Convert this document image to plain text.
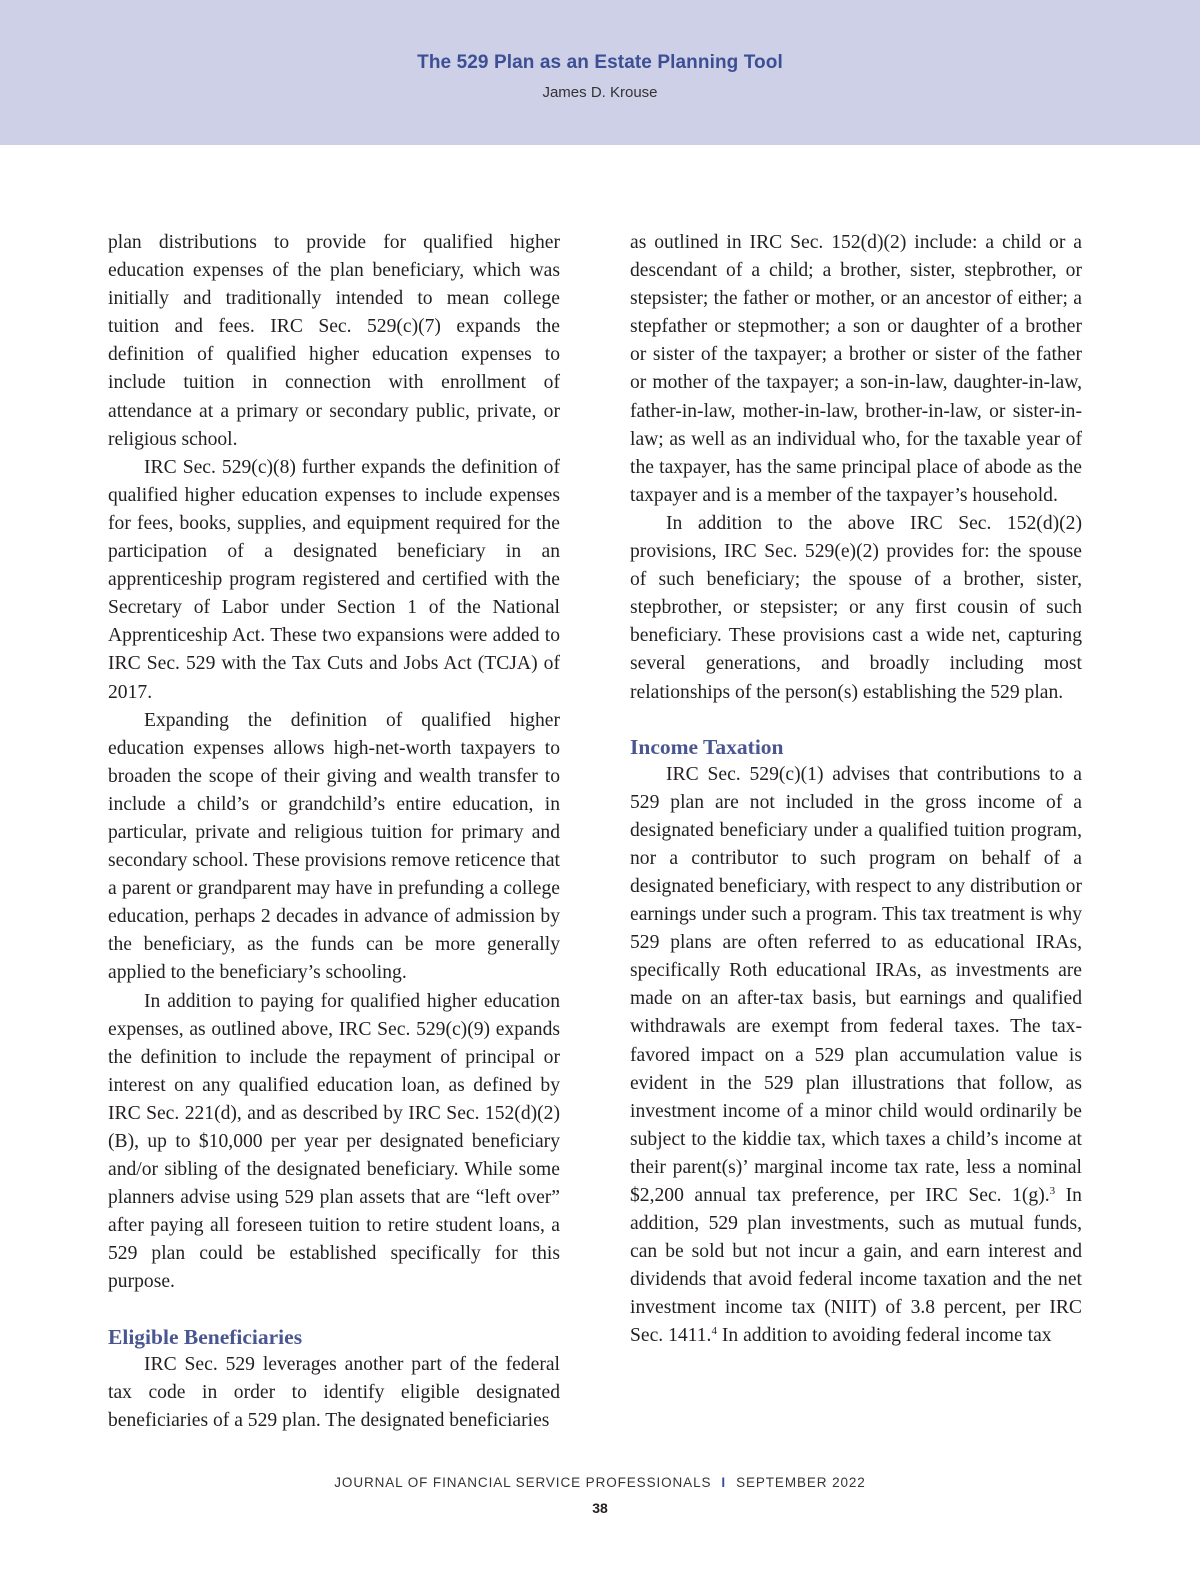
The 529 Plan as an Estate Planning Tool
James D. Krouse

plan distributions to provide for qualified higher education expenses of the plan beneficiary, which was initially and traditionally intended to mean college tuition and fees. IRC Sec. 529(c)(7) expands the definition of qualified higher education expenses to include tuition in connection with enrollment of attendance at a primary or secondary public, private, or religious school.

IRC Sec. 529(c)(8) further expands the definition of qualified higher education expenses to include expenses for fees, books, supplies, and equipment required for the participation of a designated beneficiary in an apprenticeship program registered and certified with the Secretary of Labor under Section 1 of the National Apprenticeship Act. These two expansions were added to IRC Sec. 529 with the Tax Cuts and Jobs Act (TCJA) of 2017.

Expanding the definition of qualified higher education expenses allows high-net-worth taxpayers to broaden the scope of their giving and wealth transfer to include a child’s or grandchild’s entire education, in particular, private and religious tuition for primary and secondary school. These provisions remove reticence that a parent or grandparent may have in prefunding a college education, perhaps 2 decades in advance of admission by the beneficiary, as the funds can be more generally applied to the beneficiary’s schooling.

In addition to paying for qualified higher education expenses, as outlined above, IRC Sec. 529(c)(9) expands the definition to include the repayment of principal or interest on any qualified education loan, as defined by IRC Sec. 221(d), and as described by IRC Sec. 152(d)(2)(B), up to $10,000 per year per designated beneficiary and/or sibling of the designated beneficiary. While some planners advise using 529 plan assets that are “left over” after paying all foreseen tuition to retire student loans, a 529 plan could be established specifically for this purpose.

Eligible Beneficiaries

IRC Sec. 529 leverages another part of the federal tax code in order to identify eligible designated beneficiaries of a 529 plan. The designated beneficiaries

as outlined in IRC Sec. 152(d)(2) include: a child or a descendant of a child; a brother, sister, stepbrother, or stepsister; the father or mother, or an ancestor of either; a stepfather or stepmother; a son or daughter of a brother or sister of the taxpayer; a brother or sister of the father or mother of the taxpayer; a son-in-law, daughter-in-law, father-in-law, mother-in-law, brother-in-law, or sister-in-law; as well as an individual who, for the taxable year of the taxpayer, has the same principal place of abode as the taxpayer and is a member of the taxpayer’s household.

In addition to the above IRC Sec. 152(d)(2) provisions, IRC Sec. 529(e)(2) provides for: the spouse of such beneficiary; the spouse of a brother, sister, stepbrother, or stepsister; or any first cousin of such beneficiary. These provisions cast a wide net, capturing several generations, and broadly including most relationships of the person(s) establishing the 529 plan.

Income Taxation

IRC Sec. 529(c)(1) advises that contributions to a 529 plan are not included in the gross income of a designated beneficiary under a qualified tuition program, nor a contributor to such program on behalf of a designated beneficiary, with respect to any distribution or earnings under such a program. This tax treatment is why 529 plans are often referred to as educational IRAs, specifically Roth educational IRAs, as investments are made on an after-tax basis, but earnings and qualified withdrawals are exempt from federal taxes. The tax-favored impact on a 529 plan accumulation value is evident in the 529 plan illustrations that follow, as investment income of a minor child would ordinarily be subject to the kiddie tax, which taxes a child’s income at their parent(s)’ marginal income tax rate, less a nominal $2,200 annual tax preference, per IRC Sec. 1(g).$^3$ In addition, 529 plan investments, such as mutual funds, can be sold but not incur a gain, and earn interest and dividends that avoid federal income taxation and the net investment income tax (NIIT) of 3.8 percent, per IRC Sec. 1411.$^4$ In addition to avoiding federal income tax

JOURNAL OF FINANCIAL SERVICE PROFESSIONALS I SEPTEMBER 2022
38
